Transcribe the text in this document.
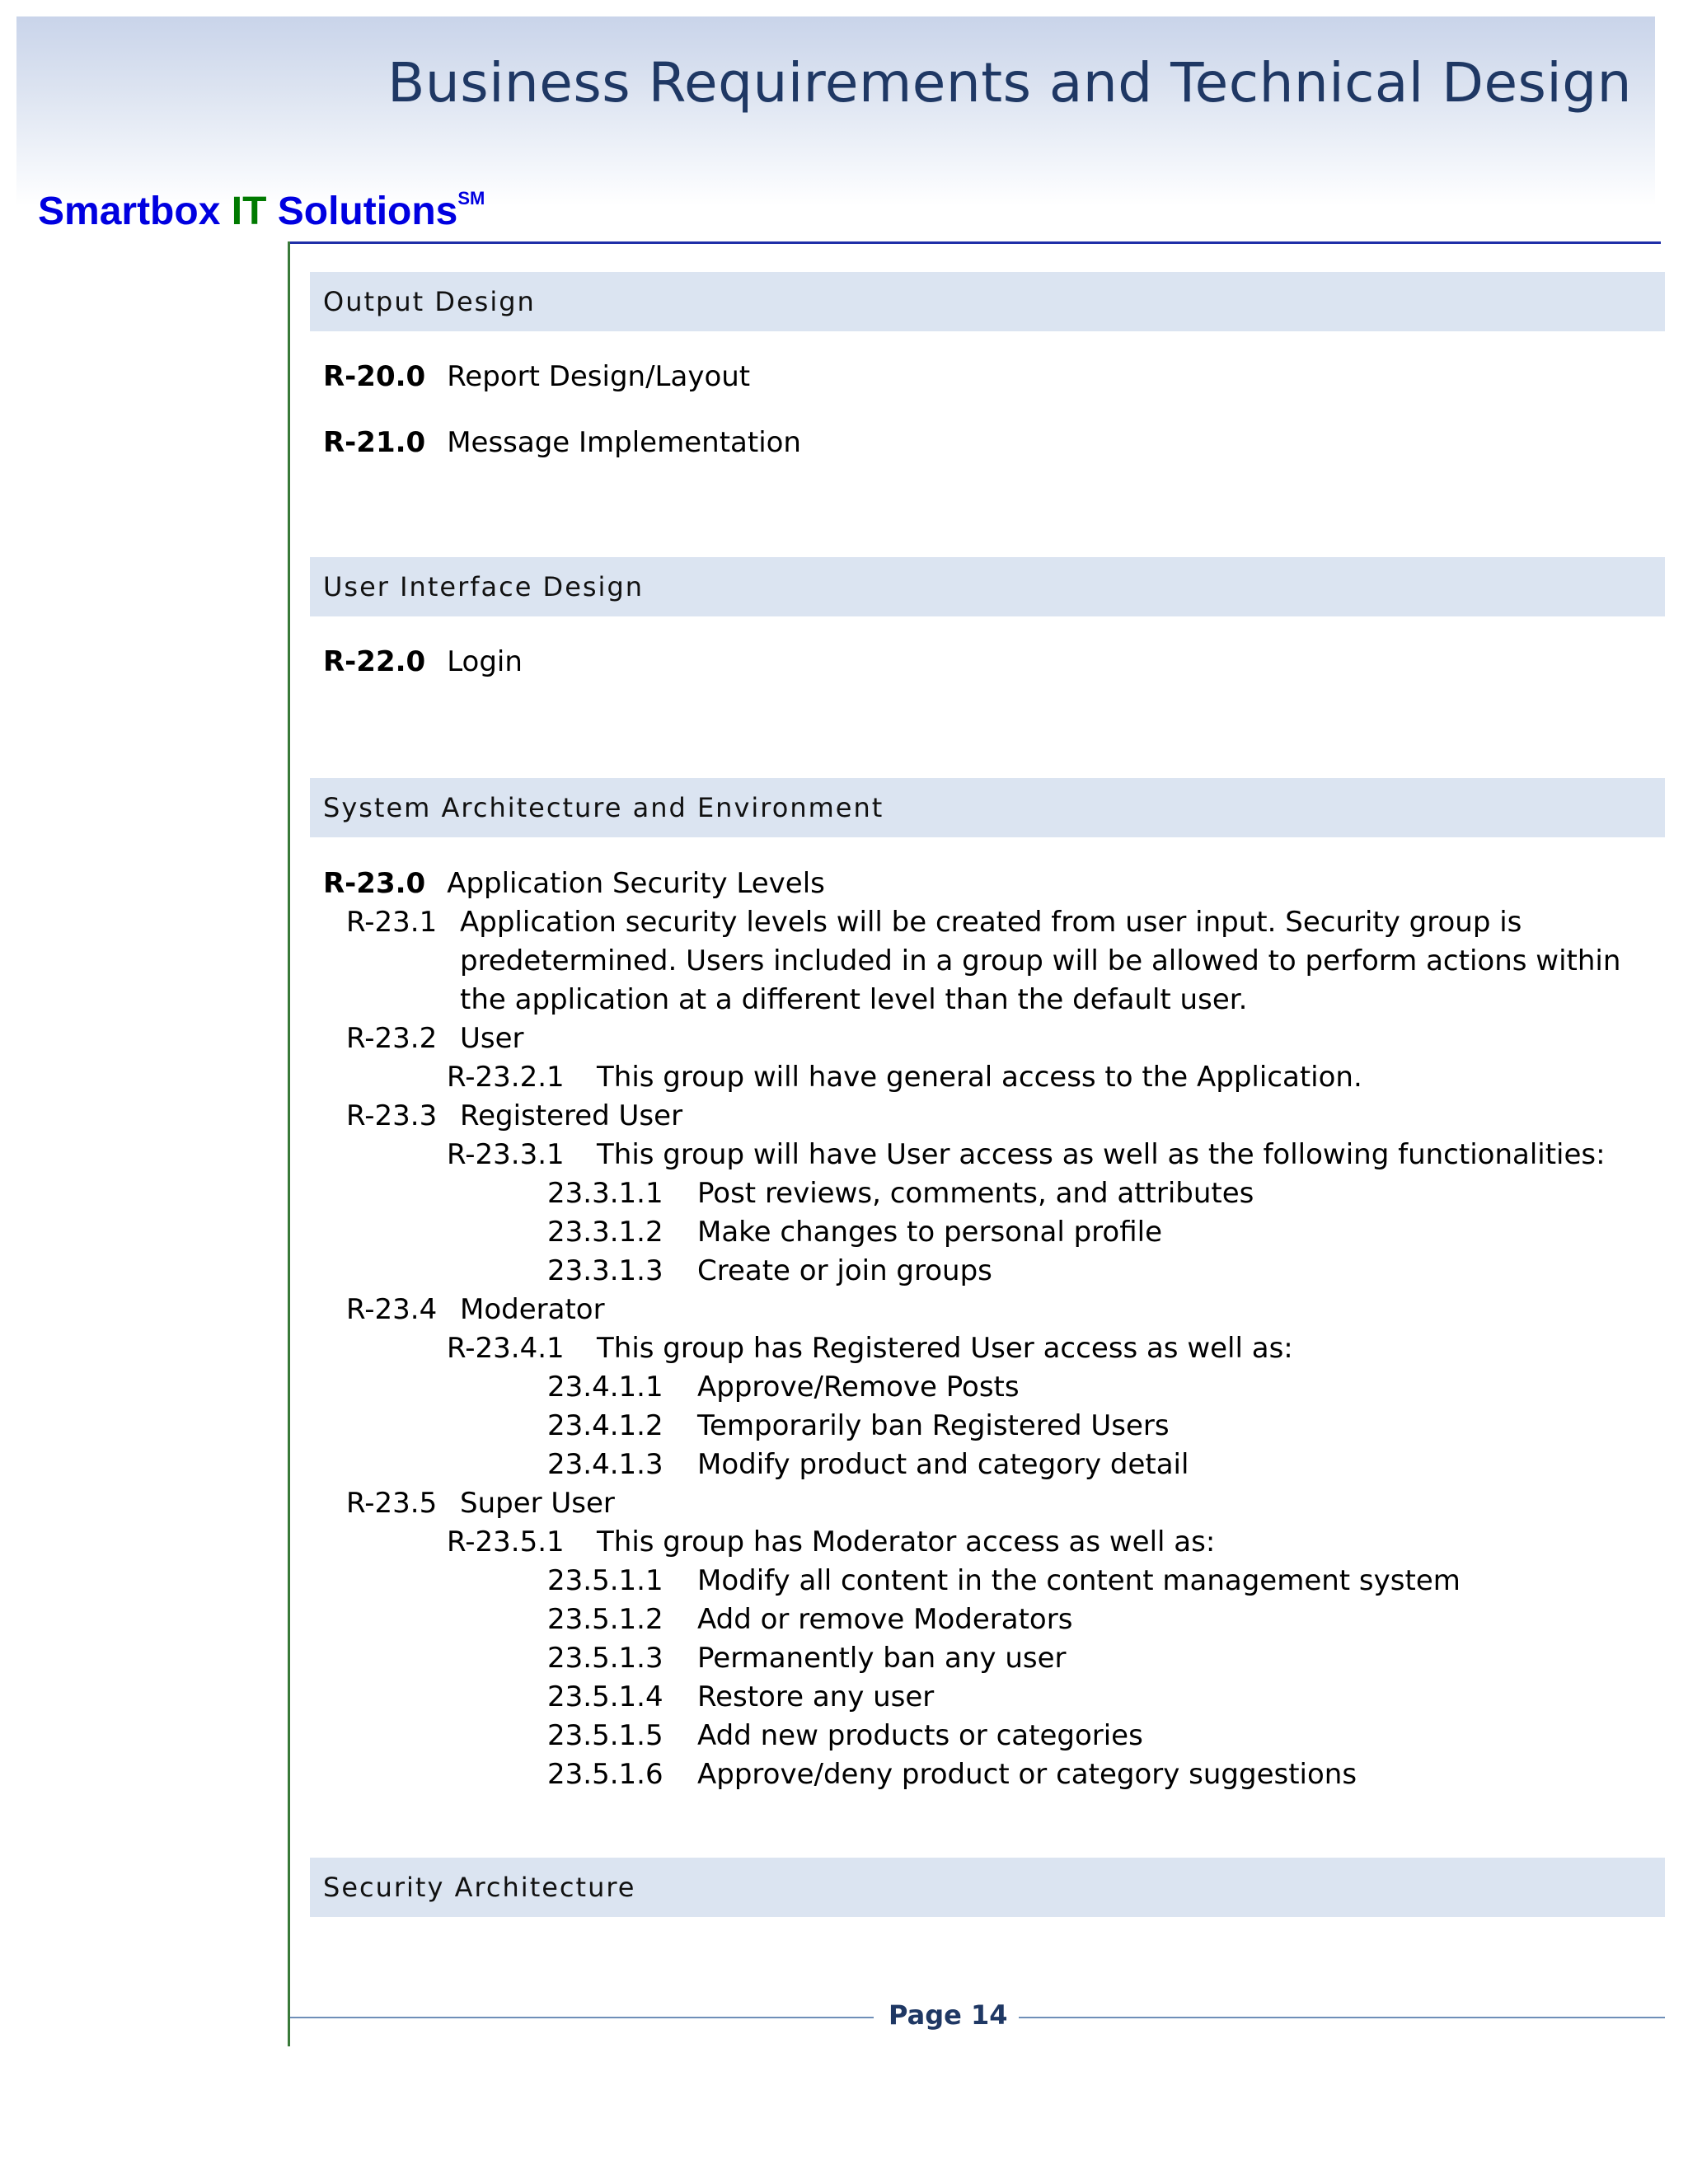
Business Requirements and Technical Design
Smartbox IT Solutions℠
Output Design
R-20.0 Report Design/Layout
R-21.0 Message Implementation
User Interface Design
R-22.0 Login
System Architecture and Environment
R-23.0 Application Security Levels
R-23.1 Application security levels will be created from user input. Security group is
predetermined. Users included in a group will be allowed to perform actions within
the application at a different level than the default user.
R-23.2 User
R-23.2.1 This group will have general access to the Application.
R-23.3 Registered User
R-23.3.1 This group will have User access as well as the following functionalities:
23.3.1.1 Post reviews, comments, and attributes
23.3.1.2 Make changes to personal profile
23.3.1.3 Create or join groups
R-23.4 Moderator
R-23.4.1 This group has Registered User access as well as:
23.4.1.1 Approve/Remove Posts
23.4.1.2 Temporarily ban Registered Users
23.4.1.3 Modify product and category detail
R-23.5 Super User
R-23.5.1 This group has Moderator access as well as:
23.5.1.1 Modify all content in the content management system
23.5.1.2 Add or remove Moderators
23.5.1.3 Permanently ban any user
23.5.1.4 Restore any user
23.5.1.5 Add new products or categories
23.5.1.6 Approve/deny product or category suggestions
Security Architecture
Page 14
